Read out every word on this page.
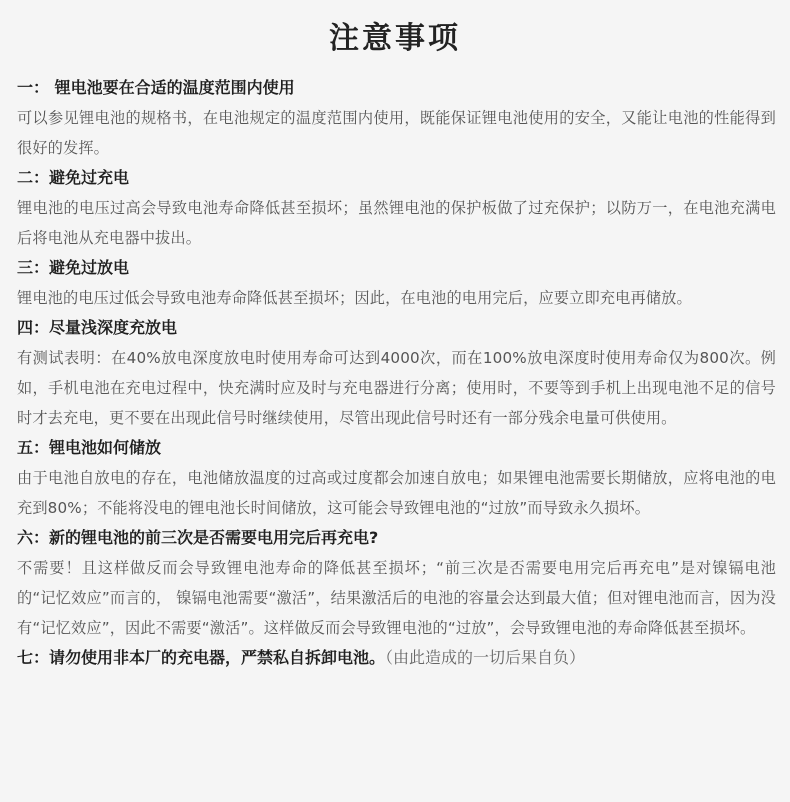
注意事项
一： 锂电池要在合适的温度范围内使用
可以参见锂电池的规格书，在电池规定的温度范围内使用，既能保证锂电池使用的安全，又能让电池的性能得到很好的发挥。
二：避免过充电
锂电池的电压过高会导致电池寿命降低甚至损坏；虽然锂电池的保护板做了过充保护；以防万一，在电池充满电后将电池从充电器中拔出。
三：避免过放电
锂电池的电压过低会导致电池寿命降低甚至损坏；因此，在电池的电用完后，应要立即充电再储放。
四：尽量浅深度充放电
有测试表明：在40%放电深度放电时使用寿命可达到4000次，而在100%放电深度时使用寿命仅为800次。例如，手机电池在充电过程中，快充满时应及时与充电器进行分离；使用时，不要等到手机上出现电池不足的信号时才去充电，更不要在出现此信号时继续使用，尽管出现此信号时还有一部分残余电量可供使用。
五：锂电池如何储放
由于电池自放电的存在，电池储放温度的过高或过度都会加速自放电；如果锂电池需要长期储放，应将电池的电充到80%；不能将没电的锂电池长时间储放，这可能会导致锂电池的“过放”而导致永久损坏。
六：新的锂电池的前三次是否需要电用完后再充电?
不需要！且这样做反而会导致锂电池寿命的降低甚至损坏；“前三次是否需要电用完后再充电”是对镍镉电池的“记忆效应”而言的， 镍镉电池需要“激活”，结果激活后的电池的容量会达到最大值；但对锂电池而言，因为没有“记忆效应”，因此不需要“激活”。这样做反而会导致锂电池的“过放”，会导致锂电池的寿命降低甚至损坏。
七：请勿使用非本厂的充电器，严禁私自拆卸电池。（由此造成的一切后果自负）
